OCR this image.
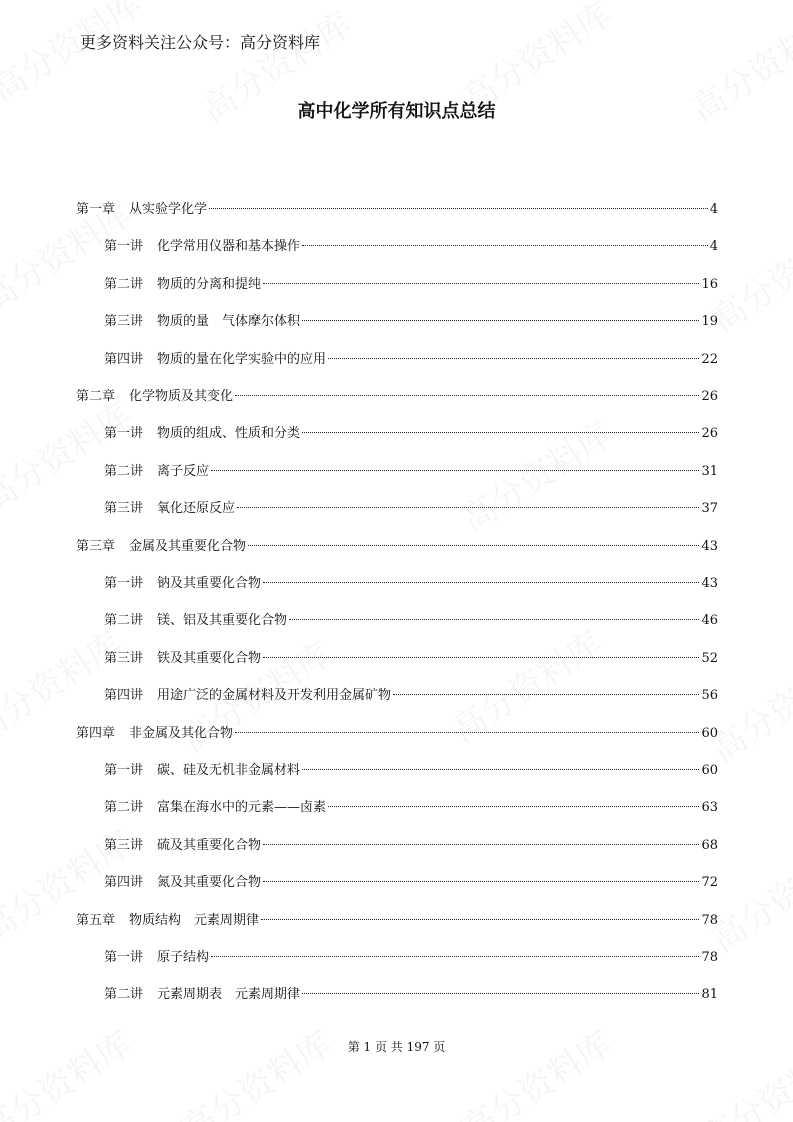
更多资料关注公众号：高分资料库
高中化学所有知识点总结
第一章 从实验学化学	4
第一讲 化学常用仪器和基本操作	4
第二讲 物质的分离和提纯	16
第三讲 物质的量　气体摩尔体积	19
第四讲 物质的量在化学实验中的应用	22
第二章 化学物质及其变化	26
第一讲 物质的组成、性质和分类	26
第二讲 离子反应	31
第三讲 氧化还原反应	37
第三章 金属及其重要化合物	43
第一讲 钠及其重要化合物	43
第二讲 镁、铝及其重要化合物	46
第三讲 铁及其重要化合物	52
第四讲 用途广泛的金属材料及开发利用金属矿物	56
第四章 非金属及其化合物	60
第一讲 碳、硅及无机非金属材料	60
第二讲 富集在海水中的元素——卤素	63
第三讲 硫及其重要化合物	68
第四讲 氮及其重要化合物	72
第五章 物质结构　元素周期律	78
第一讲 原子结构	78
第二讲 元素周期表　元素周期律	81
第 1 页 共 197 页
